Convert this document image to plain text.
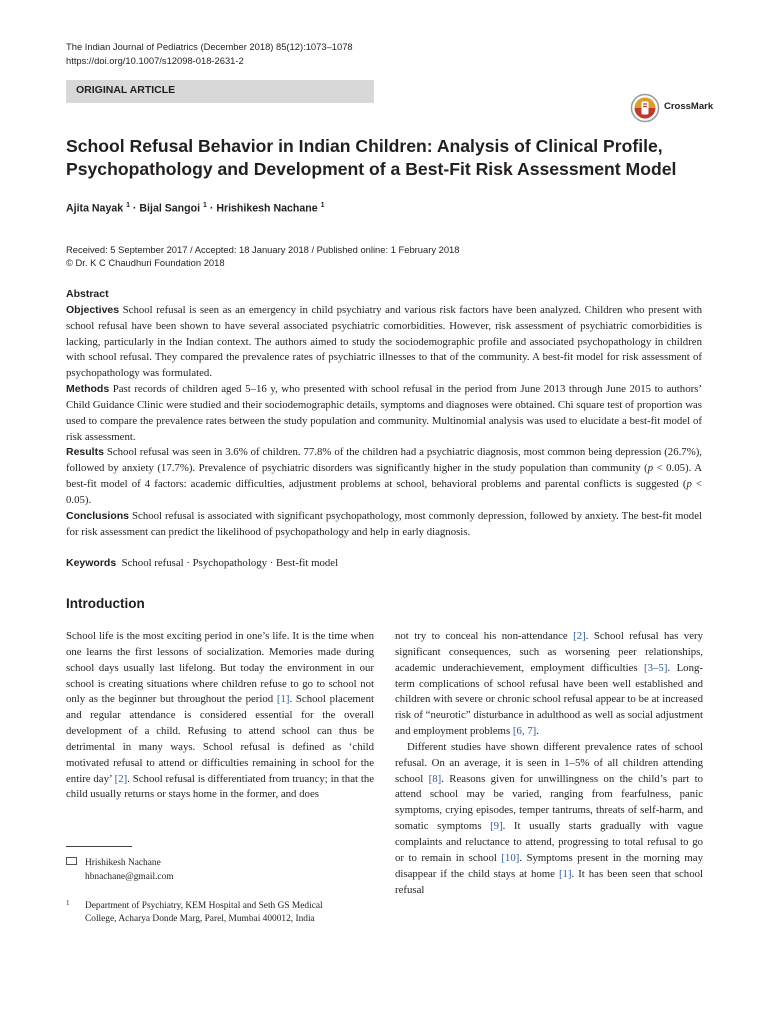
The Indian Journal of Pediatrics (December 2018) 85(12):1073–1078
https://doi.org/10.1007/s12098-018-2631-2
ORIGINAL ARTICLE
CrossMark
School Refusal Behavior in Indian Children: Analysis of Clinical Profile,
Psychopathology and Development of a Best-Fit Risk Assessment Model
Ajita Nayak $^1$ · Bijal Sangoi $^1$ · Hrishikesh Nachane $^1$
Received: 5 September 2017 / Accepted: 18 January 2018 / Published online: 1 February 2018
© Dr. K C Chaudhuri Foundation 2018

Abstract

Objectives School refusal is seen as an emergency in child psychiatry and various risk factors have been analyzed. Children who present with school refusal have been shown to have several associated psychiatric comorbidities. However, risk assessment of psychiatric comorbidities is lacking, particularly in the Indian context. The authors aimed to study the sociodemographic profile and associated psychopathology in children with school refusal. They compared the prevalence rates of psychiatric illnesses to that of the community. A best-fit model for risk assessment of psychopathology was formulated.

Methods Past records of children aged 5–16 y, who presented with school refusal in the period from June 2013 through June 2015 to authors’ Child Guidance Clinic were studied and their sociodemographic details, symptoms and diagnoses were obtained. Chi square test of proportion was used to compare the prevalence rates between the study population and community. Multinomial analysis was used to elucidate a best-fit model of risk assessment.

Results School refusal was seen in 3.6% of children. 77.8% of the children had a psychiatric diagnosis, most common being depression (26.7%), followed by anxiety (17.7%). Prevalence of psychiatric disorders was significantly higher in the study population than community (p < 0.05). A best-fit model of 4 factors: academic difficulties, adjustment problems at school, behavioral problems and parental conflicts is suggested (p < 0.05).

Conclusions School refusal is associated with significant psychopathology, most commonly depression, followed by anxiety. The best-fit model for risk assessment can predict the likelihood of psychopathology and help in early diagnosis.

Keywords School refusal · Psychopathology · Best-fit model
Introduction

School life is the most exciting period in one’s life. It is the time when one learns the first lessons of socialization. Memories made during school days usually last lifelong. But today the environment in our school is creating situations where children refuse to go to school not only as the beginner but throughout the period [1]. School placement and regular attendance is considered essential for the overall development of a child. Refusing to attend school can thus be detrimental in many ways. School refusal is defined as ‘child motivated refusal to attend or difficulties remaining in school for the entire day’ [2]. School refusal is differentiated from truancy; in that the child usually returns or stays home in the former, and does

not try to conceal his non-attendance [2]. School refusal has very significant consequences, such as worsening peer relationships, academic underachievement, employment difficulties [3–5]. Long-term complications of school refusal have been well established and children with severe or chronic school refusal appear to be at increased risk of “neurotic” disturbance in adulthood as well as social adjustment and employment problems [6, 7].

Different studies have shown different prevalence rates of school refusal. On an average, it is seen in 1–5% of all children attending school [8]. Reasons given for unwillingness on the child’s part to attend school may be varied, ranging from fearfulness, panic symptoms, crying episodes, temper tantrums, threats of self-harm, and somatic symptoms [9]. It usually starts gradually with vague complaints and reluctance to attend, progressing to total refusal to go or to remain in school [10]. Symptoms present in the morning may disappear if the child stays at home [1]. It has been seen that school refusal

Hrishikesh Nachane
hbnachane@gmail.com
1 Department of Psychiatry, KEM Hospital and Seth GS Medical
College, Acharya Donde Marg, Parel, Mumbai 400012, India
